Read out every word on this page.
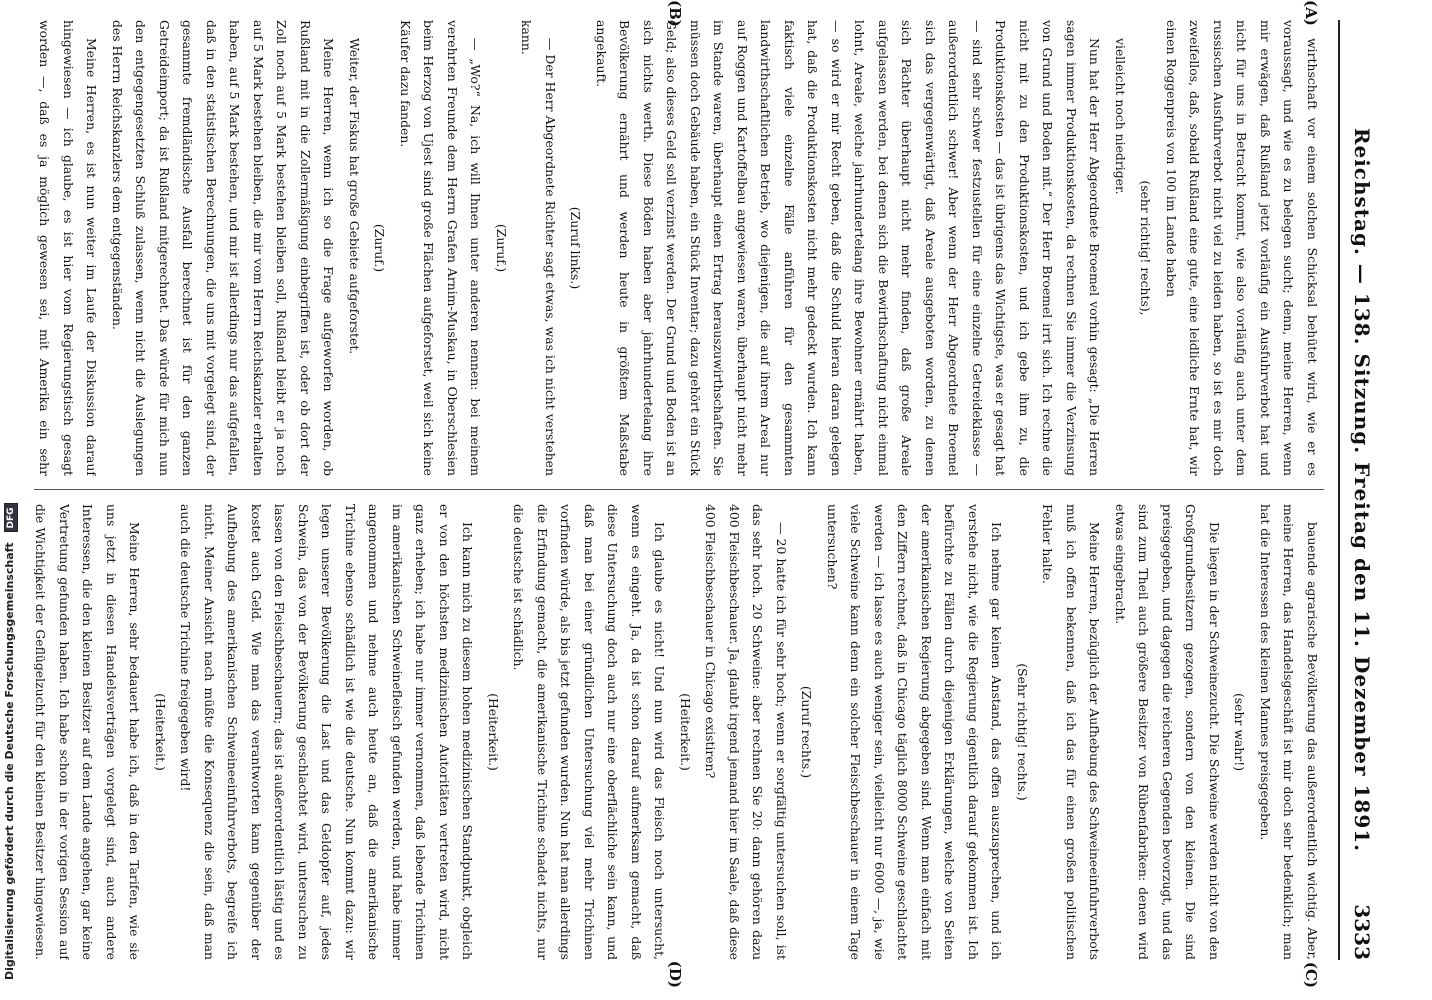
Reichstag. — 138. Sitzung. Freitag den 11. Dezember 1891.
3333
(A)
(B)
(C)
(D)

wirthschaft vor einem solchen Schicksal behütet wird, wie er es voraussagt, und wie es zu belegen sucht; denn, meine Herren, wenn mir erwägen, daß Rußland jetzt vorläufig ein Ausfuhrverbot hat und nicht für uns in Betracht kommt, wie also vorläufig auch unter dem russischen Ausfuhrverbot nicht viel zu leiden haben, so ist es mir doch zweifellos, daß, sobald Rußland eine gute, eine leidliche Ernte hat, wir einen Roggenpreis von 100 im Lande haben

(sehr richtig! rechts),

vielleicht noch niedriger.

Nun hat der Herr Abgeordnete Broemel vorhin gesagt: „Die Herren sagen immer Produktionskosten, da rechnen Sie immer die Verzinsung von Grund und Boden mit.“ Der Herr Broemel irrt sich. Ich rechne die nicht mit zu den Produktionskosten, und ich gebe ihm zu, die Produktionskosten — das ist übrigens das Wichtigste, was er gesagt hat — sind sehr schwer festzustellen für eine einzelne Getreideklasse — außerordentlich schwer! Aber wenn der Herr Abgeordnete Broemel sich das vergegenwärtigt, daß Areale ausgeboten worden, zu denen sich Pächter überhaupt nicht mehr finden, daß große Areale aufgelassen werden, bei denen sich die Bewirthschaftung nicht einmal lohnt, Areale, welche jahrhundertelang ihre Bewohner ernährt haben, — so wird er mir Recht geben, daß die Schuld hieran daran gelegen hat, daß die Produktionskosten nicht mehr gedeckt wurden. Ich kann faktisch viele einzelne Fälle anführen für den gesammten landwirthschaftlichen Betrieb, wo diejenigen, die auf ihrem Areal nur auf Roggen und Kartoffelbau angewiesen waren, überhaupt nicht mehr im Stande waren, überhaupt einen Ertrag herauszuwirthschaften. Sie müssen doch Gebäude haben, ein Stück Inventar; dazu gehört ein Stück Geld; also dieses Geld soll verzinst werden. Der Grund und Boden ist an sich nichts werth. Diese Böden haben aber jahrhundertelang ihre Bevölkerung ernährt und werden heute in größtem Maßstabe angekauft.

(Zuruf links.)

— Der Herr Abgeordnete Richter sagt etwas, was ich nicht verstehen kann.

(Zuruf.)

— „Wo?“ Na, ich will Ihnen unter anderen nennen: bei meinem verehrten Freunde dem Herrn Grafen Arnim-Muskau, in Oberschlesien beim Herzog von Ujest sind große Flächen aufgeforstet, weil sich keine Käufer dazu fanden.

(Zuruf.)

Weiter, der Fiskus hat große Gebiete aufgeforstet.

Meine Herren, wenn ich so die Frage aufgeworfen worden, ob Rußland mit in die Zollermäßigung einbegriffen ist, oder ob dort der Zoll noch auf 5 Mark bestehen bleiben soll, Rußland bleibt er ja noch auf 5 Mark bestehen bleiben, die mir vom Herrn Reichskanzler erhalten haben, auf 5 Mark bestehen, und mir ist allerdings nur das aufgefallen, daß in den statistischen Berechnungen, die uns mit vorgelegt sind, der gesammte fremdländische Ausfall berechnet ist für den ganzen Getreideimport; da ist Rußland mitgerechnet. Das würde für mich nun den entgegengesetzten Schluß zulassen, wenn nicht die Auslegungen des Herrn Reichskanzlers dem entgegenständen.

Meine Herren, es ist nun weiter im Laufe der Diskussion darauf hingewiesen — ich glaube, es ist hier vom Regierungstisch gesagt worden —, daß es ja möglich gewesen sei, mit Amerika ein sehr

bauende agrarische Bevölkerung das außerordentlich wichtig. Aber, meine Herren, das Handelsgeschäft ist mir doch sehr bedenklich; man hat die Interessen des kleinen Mannes preisgegeben.

(sehr wahr!)

Die liegen in der Schweinezucht. Die Schweine werden nicht von den Großgrundbesitzern gezogen, sondern von den kleinen. Die sind preisgegeben, und dagegen die reicheren Gegenden bevorzugt, und das sind zum Theil auch größere Besitzer von Rübenfabriken: denen wird etwas eingebracht.

Meine Herren, bezüglich der Aufhebung des Schweineeinfuhrverbots muß ich offen bekennen, daß ich das für einen großen politischen Fehler halte.

(Sehr richtig! rechts.)

Ich nehme gar keinen Anstand, das offen auszusprechen, und ich verstehe nicht, wie die Regierung eigentlich darauf gekommen ist. Ich befürchte zu Fällen durch diejenigen Erklärungen, welche von Seiten der amerikanischen Regierung abgegeben sind. Wenn man einfach mit den Ziffern rechnet, daß in Chicago täglich 8000 Schweine geschlachtet werden — ich lasse es auch weniger sein, vielleicht nur 6000 —, ja, wie viele Schweine kann denn ein solcher Fleischbeschauer in einem Tage untersuchen?

(Zuruf rechts.)

— 20 hatte ich für sehr hoch; wenn er sorgfältig untersuchen soll, ist das sehr hoch. 20 Schweine: aber rechnen Sie 20: dann gehören dazu 400 Fleischbeschauer. Ja, glaubt irgend jemand hier im Saale, daß diese 400 Fleischbeschauer in Chicago existiren?

(Heiterkeit.)

Ich glaube es nicht! Und nun wird das Fleisch noch untersucht, wenn es eingeht. Ja, da ist schon darauf aufmerksam gemacht, daß diese Untersuchung doch auch nur eine oberflächliche sein kann, und daß man bei einer gründlichen Untersuchung viel mehr Trichinen vorfinden würde, als bis jetzt gefunden wurden. Nun hat man allerdings die Erfindung gemacht, die amerikanische Trichine schadet nichts, nur die deutsche ist schädlich.

(Heiterkeit.)

Ich kann mich zu diesem hohen medizinischen Standpunkt, obgleich er von den höchsten medizinischen Autoritäten vertreten wird, nicht ganz erheben; ich habe nur immer vernommen, daß lebende Trichinen im amerikanischen Schweinefleisch gefunden werden, und habe immer angenommen und nehme auch heute an, daß die amerikanische Trichine ebenso schädlich ist wie die deutsche. Nun kommt dazu: wir legen unserer Bevölkerung die Last und das Geldopfer auf, jedes Schwein, das von der Bevölkerung geschlachtet wird, untersuchen zu lassen von den Fleischbeschauern; das ist außerordentlich lästig und es kostet auch Geld. Wie man das verantworten kann gegenüber der Aufhebung des amerikanischen Schweineeinfuhrverbots, begreife ich nicht. Meiner Ansicht nach müßte die Konsequenz die sein, daß man auch die deutsche Trichine freigegeben wird!

(Heiterkeit.)

Meine Herren, sehr bedauert habe ich, daß in den Tarifen, wie sie uns jetzt in diesen Handelsverträgen vorgelegt sind, auch andere Interessen, die den kleinen Besitzer auf dem Lande angehen, gar keine Vertretung gefunden haben. Ich habe schon in der vorigen Session auf die Wichtigkeit der Geflügelzucht für den kleinen Besitzer hingewiesen.

Digitalisierung gefördert durch die Deutsche Forschungsgemeinschaft DFG
